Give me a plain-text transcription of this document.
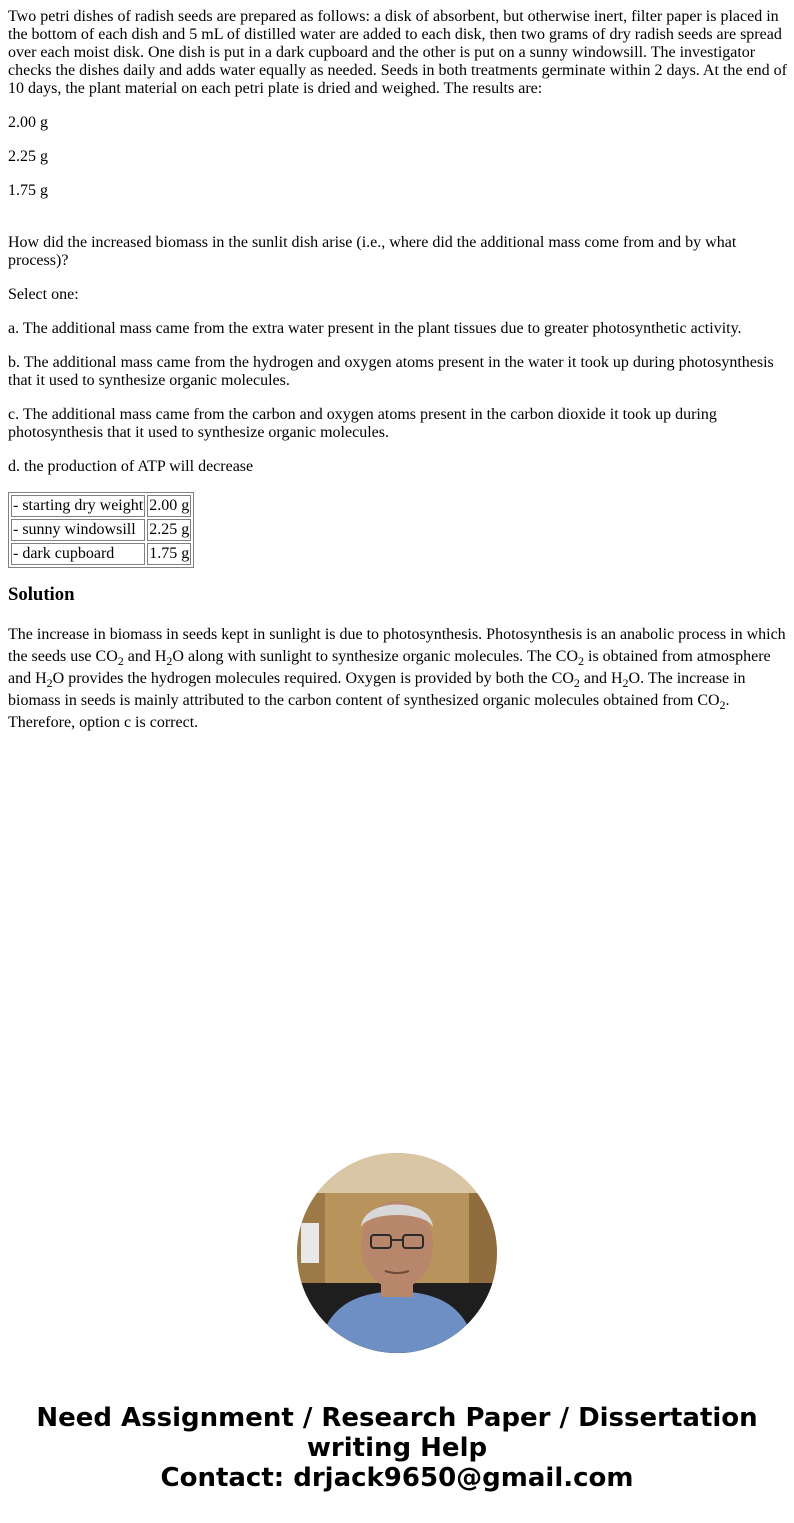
Two petri dishes of radish seeds are prepared as follows: a disk of absorbent, but otherwise inert, filter paper is placed in the bottom of each dish and 5 mL of distilled water are added to each disk, then two grams of dry radish seeds are spread over each moist disk. One dish is put in a dark cupboard and the other is put on a sunny windowsill. The investigator checks the dishes daily and adds water equally as needed. Seeds in both treatments germinate within 2 days. At the end of 10 days, the plant material on each petri plate is dried and weighed. The results are:

2.00 g

2.25 g

1.75 g

How did the increased biomass in the sunlit dish arise (i.e., where did the additional mass come from and by what process)?

Select one:

a. The additional mass came from the extra water present in the plant tissues due to greater photosynthetic activity.

b. The additional mass came from the hydrogen and oxygen atoms present in the water it took up during photosynthesis that it used to synthesize organic molecules.

c. The additional mass came from the carbon and oxygen atoms present in the carbon dioxide it took up during photosynthesis that it used to synthesize organic molecules.

d. the production of ATP will decrease

- starting dry weight	2.00 g
- sunny windowsill	2.25 g
- dark cupboard	1.75 g
Solution

The increase in biomass in seeds kept in sunlight is due to photosynthesis. Photosynthesis is an anabolic process in which the seeds use $CO_2$ and $H_2O$ along with sunlight to synthesize organic molecules. The $CO_2$ is obtained from atmosphere and $H_2O$ provides the hydrogen molecules required. Oxygen is provided by both the $CO_2$ and $H_2O$. The increase in biomass in seeds is mainly attributed to the carbon content of synthesized organic molecules obtained from $CO_2$. Therefore, option c is correct.

Need Assignment / Research Paper / Dissertation
writing Help
Contact: drjack9650@gmail.com
